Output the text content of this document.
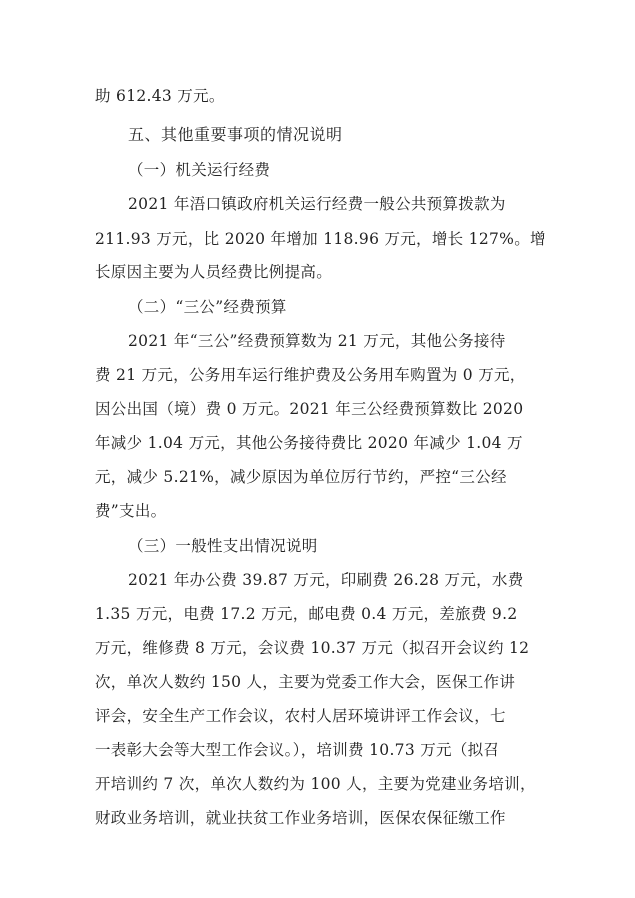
助 612.43 万元。
五、其他重要事项的情况说明
（一）机关运行经费
2021 年浯口镇政府机关运行经费一般公共预算拨款为
211.93 万元，比 2020 年增加 118.96 万元，增长 127%。增
长原因主要为人员经费比例提高。
（二）“三公”经费预算
2021 年“三公”经费预算数为 21 万元，其他公务接待
费 21 万元，公务用车运行维护费及公务用车购置为 0 万元，
因公出国（境）费 0 万元。2021 年三公经费预算数比 2020
年减少 1.04 万元，其他公务接待费比 2020 年减少 1.04 万
元，减少 5.21%，减少原因为单位厉行节约，严控“三公经
费”支出。
（三）一般性支出情况说明
2021 年办公费 39.87 万元，印刷费 26.28 万元，水费
1.35 万元，电费 17.2 万元，邮电费 0.4 万元，差旅费 9.2
万元，维修费 8 万元，会议费 10.37 万元（拟召开会议约 12
次，单次人数约 150 人，主要为党委工作大会，医保工作讲
评会，安全生产工作会议，农村人居环境讲评工作会议，七
一表彰大会等大型工作会议。），培训费 10.73 万元（拟召
开培训约 7 次，单次人数约为 100 人，主要为党建业务培训，
财政业务培训，就业扶贫工作业务培训，医保农保征缴工作
